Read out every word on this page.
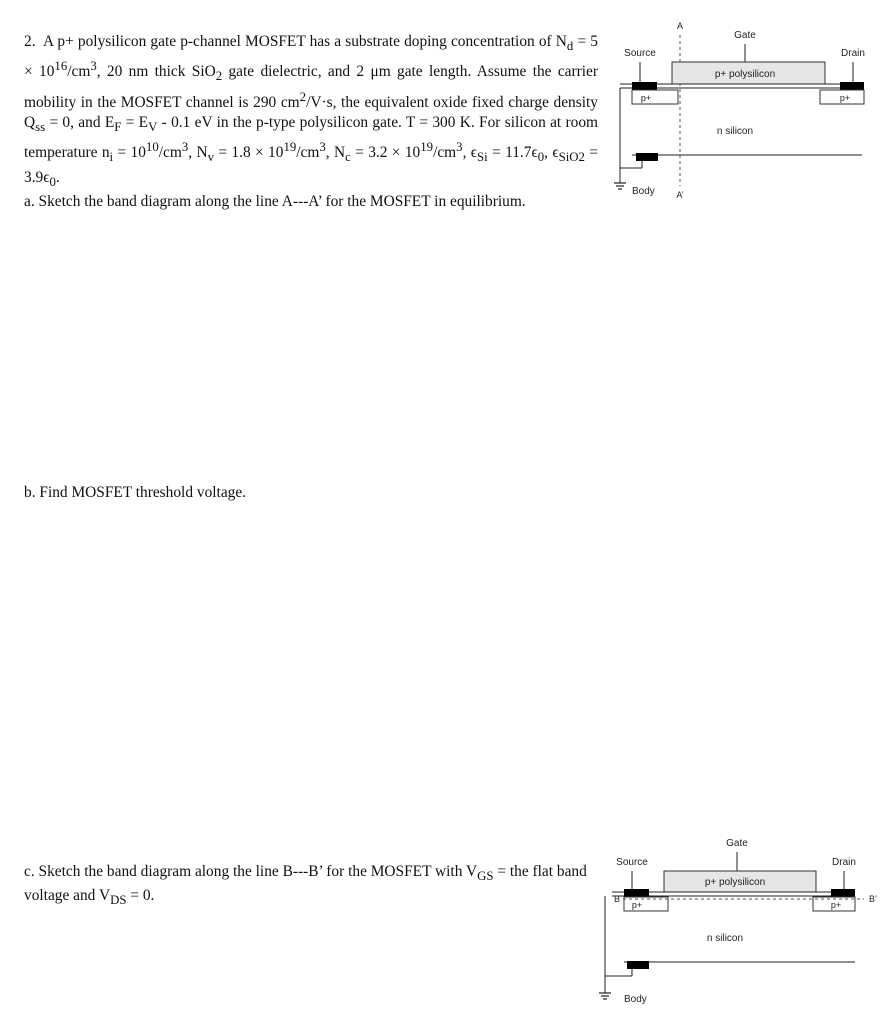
2. A p+ polysilicon gate p-channel MOSFET has a substrate doping concentration of $N_d = 5 \times 10^{16}/cm^3$, 20 nm thick SiO$_2$ gate dielectric, and 2 μm gate length. Assume the carrier mobility in the MOSFET channel is 290 $cm^2/V\cdot s$, the equivalent oxide fixed charge density $Q_{ss} = 0$, and $E_F = E_V - 0.1$ eV in the p-type polysilicon gate. T = 300 K. For silicon at room temperature $n_i = 10^{10}/cm^3$, $N_v = 1.8 \times 10^{19}/cm^3$, $N_c = 3.2 \times 10^{19}/cm^3$, $\epsilon_{Si} = 11.7\epsilon_0$, $\epsilon_{SiO2} = 3.9\epsilon_0$.

a. Sketch the band diagram along the line A---A’ for the MOSFET in equilibrium.

b. Find MOSFET threshold voltage.
c. Sketch the band diagram along the line B---B’ for the MOSFET with $V_{GS}$ = the flat band voltage and $V_{DS} = 0$.
A
A’
Gate
p+ polysilicon
Source
p+
Drain
p+
n silicon
Body
Gate
p+ polysilicon
Source
p+
Drain
p+
B	B’
n silicon
Body
